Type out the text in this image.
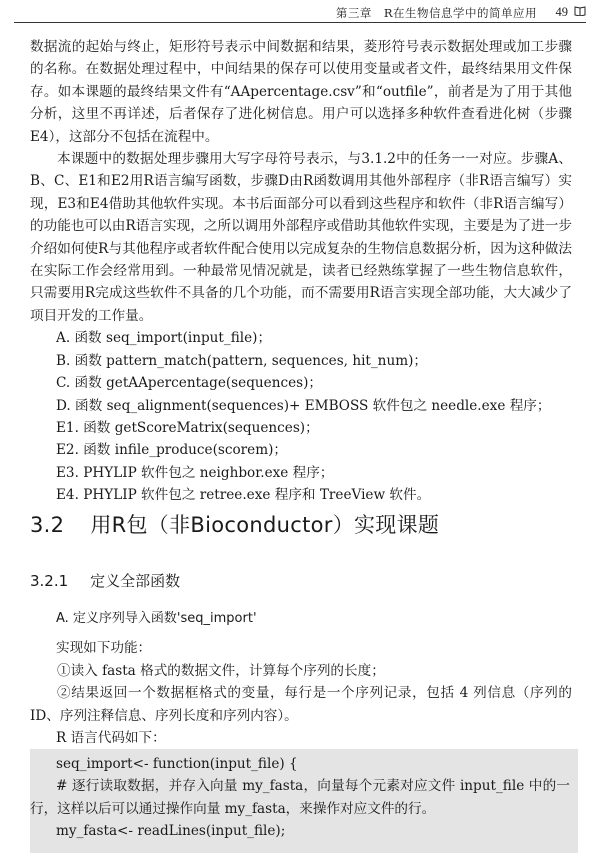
第三章　R在生物信息学中的简单应用 49

数据流的起始与终止，矩形符号表示中间数据和结果，菱形符号表示数据处理或加工步骤的名称。在数据处理过程中，中间结果的保存可以使用变量或者文件，最终结果用文件保存。如本课题的最终结果文件有“AApercentage.csv”和“outfile”，前者是为了用于其他分析，这里不再详述，后者保存了进化树信息。用户可以选择多种软件查看进化树（步骤E4），这部分不包括在流程中。

本课题中的数据处理步骤用大写字母符号表示，与3.1.2中的任务一一对应。步骤A、B、C、E1和E2用R语言编写函数，步骤D由R函数调用其他外部程序（非R语言编写）实现，E3和E4借助其他软件实现。本书后面部分可以看到这些程序和软件（非R语言编写）的功能也可以由R语言实现，之所以调用外部程序或借助其他软件实现，主要是为了进一步介绍如何使R与其他程序或者软件配合使用以完成复杂的生物信息数据分析，因为这种做法在实际工作会经常用到。一种最常见情况就是，读者已经熟练掌握了一些生物信息软件，只需要用R完成这些软件不具备的几个功能，而不需要用R语言实现全部功能，大大减少了项目开发的工作量。

A. 函数 seq_import(input_file)；
B. 函数 pattern_match(pattern, sequences, hit_num)；
C. 函数 getAApercentage(sequences)；
D. 函数 seq_alignment(sequences)+ EMBOSS 软件包之 needle.exe 程序；
E1. 函数 getScoreMatrix(sequences)；
E2. 函数 infile_produce(scorem)；
E3. PHYLIP 软件包之 neighbor.exe 程序；
E4. PHYLIP 软件包之 retree.exe 程序和 TreeView 软件。
3.2 用R包（非Bioconductor）实现课题
3.2.1 定义全部函数
A. 定义序列导入函数'seq_import'
实现如下功能：
①读入 fasta 格式的数据文件，计算每个序列的长度；
②结果返回一个数据框格式的变量，每行是一个序列记录，包括 4 列信息（序列的 ID、序列注释信息、序列长度和序列内容）。
R 语言代码如下：
seq_import<- function(input_file) {
# 逐行读取数据，并存入向量 my_fasta，向量每个元素对应文件 input_file 中的一行，这样以后可以通过操作向量 my_fasta，来操作对应文件的行。
my_fasta<- readLines(input_file);
